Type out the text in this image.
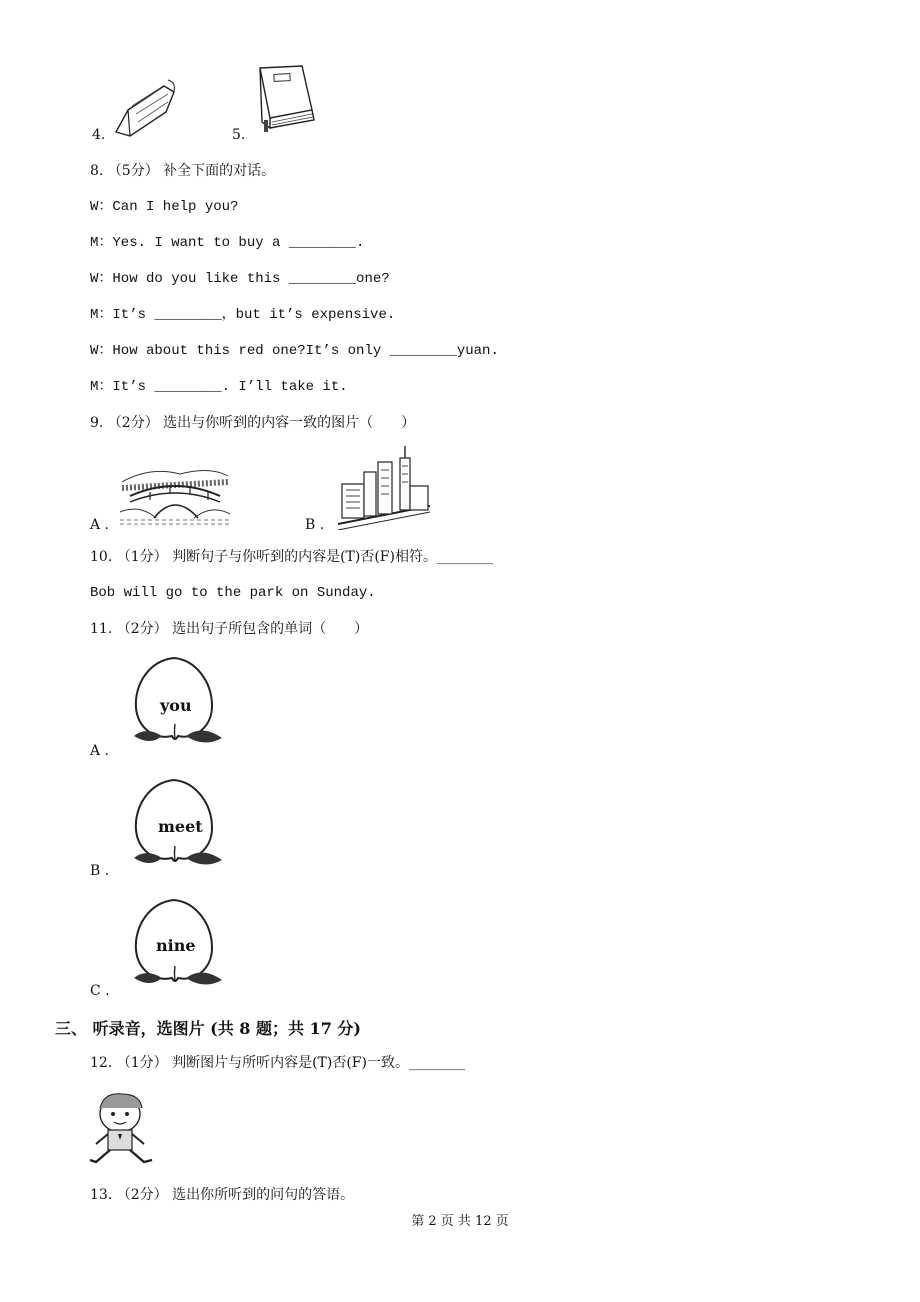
4.	5.
8. （5分） 补全下面的对话。
W：Can I help you?
M：Yes. I want to buy a ________.
W：How do you like this ________one?
M：It’s ________，but it’s expensive.
W：How about this red one?It’s only ________yuan.
M：It’s ________. I’ll take it.
9. （2分） 选出与你听到的内容一致的图片（　　）
A .	B .
10. （1分） 判断句子与你听到的内容是(T)否(F)相符。________
Bob will go to the park on Sunday.
11. （2分） 选出句子所包含的单词（　　）
A .
you
B .
meet
C .
nine
三、 听录音，选图片 (共 8 题；共 17 分)
12. （1分） 判断图片与所听内容是(T)否(F)一致。________
13. （2分） 选出你所听到的问句的答语。
第 2 页 共 12 页
